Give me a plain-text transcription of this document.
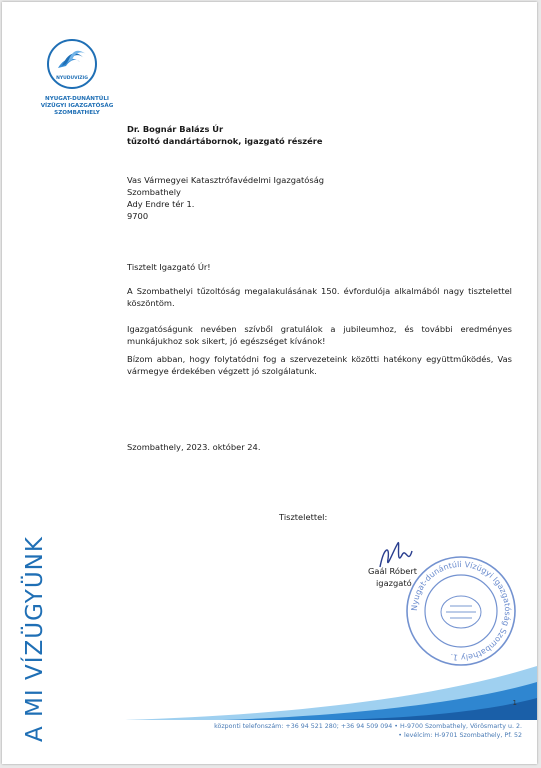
NYUDUVIZIG
NYUGAT-DUNÁNTÚLI
VÍZÜGYI IGAZGATÓSÁG
SZOMBATHELY
Dr. Bognár Balázs Úr
tűzoltó dandártábornok, igazgató részére
Vas Vármegyei Katasztrófavédelmi Igazgatóság
Szombathely
Ady Endre tér 1.
9700
Tisztelt Igazgató Úr!
A Szombathelyi tűzoltóság megalakulásának 150. évfordulója alkalmából nagy tisztelettel köszöntöm.
Igazgatóságunk nevében szívből gratulálok a jubileumhoz, és további eredményes munkájukhoz sok sikert, jó egészséget kívánok!
Bízom abban, hogy folytatódni fog a szervezeteink közötti hatékony együttműködés, Vas vármegye érdekében végzett jó szolgálatunk.
Szombathely, 2023. október 24.
Tisztelettel:
Gaál Róbert
igazgató
Nyugat-dunántúli Vízügyi Igazgatóság Szombathely 1.
1
központi telefonszám: +36 94 521 280; +36 94 509 094 • H-9700 Szombathely, Vörösmarty u. 2.
• levélcím: H-9701 Szombathely, Pf. 52
A MI VÍZÜGYÜNK
